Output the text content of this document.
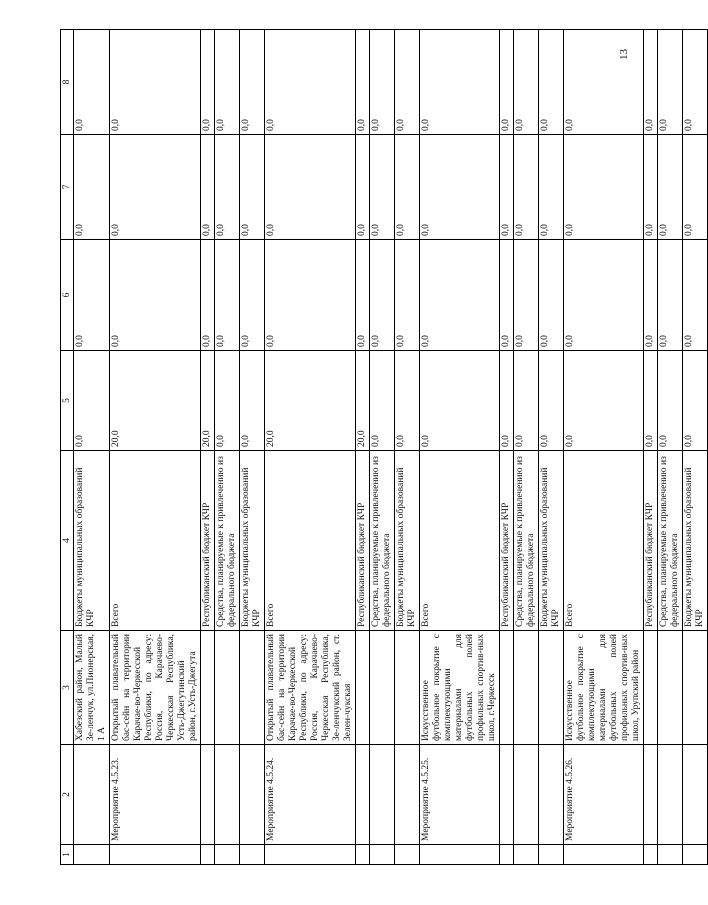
13
1	2	3	4	5	6	7	8
		Хабезский район, Малый Зе-ленчук, ул.Пионерская, 1 А	Бюджеты муниципальных образований КЧР	0,0	0,0	0,0	0,0
	Мероприятие 4.5.23.	Открытый плавательный бас-сейн на территории Карачае-во-Черкесской Республики, по адресу: Россия, Карачаево-Черкесская Республика, Усть-Джегутинский район, г.Усть-Джегута	Всего	20,0	0,0	0,0	0,0
			Республиканский бюджет КЧР	20,0	0,0	0,0	0,0
			Средства, планируемые к привлечению из федерального бюджета	0,0	0,0	0,0	0,0
			Бюджеты муниципальных образований КЧР	0,0	0,0	0,0	0,0
	Мероприятие 4.5.24.	Открытый плавательный бас-сейн на территории Карачае-во-Черкесской Республики, по адресу: Россия, Карачаево-Черкесская Республика, Зе-ленчукский район, ст. Зелен-чукская	Всего	20,0	0,0	0,0	0,0
			Республиканский бюджет КЧР	20,0	0,0	0,0	0,0
			Средства, планируемые к привлечению из федерального бюджета	0,0	0,0	0,0	0,0
			Бюджеты муниципальных образований КЧР	0,0	0,0	0,0	0,0
	Мероприятие 4.5.25.	Искусственное футбольное покрытие с комплектующими материалами для футбольных полей профильных спортив-ных школ, г.Черкесск	Всего	0,0	0,0	0,0	0,0
			Республиканский бюджет КЧР	0,0	0,0	0,0	0,0
			Средства, планируемые к привлечению из федерального бюджета	0,0	0,0	0,0	0,0
			Бюджеты муниципальных образований КЧР	0,0	0,0	0,0	0,0
	Мероприятие 4.5.26.	Искусственное футбольное покрытие с комплектующими материалами для футбольных полей профильных спортив-ных школ, Урупский район	Всего	0,0	0,0	0,0	0,0
			Республиканский бюджет КЧР	0,0	0,0	0,0	0,0
			Средства, планируемые к привлечению из федерального бюджета	0,0	0,0	0,0	0,0
			Бюджеты муниципальных образований КЧР	0,0	0,0	0,0	0,0
